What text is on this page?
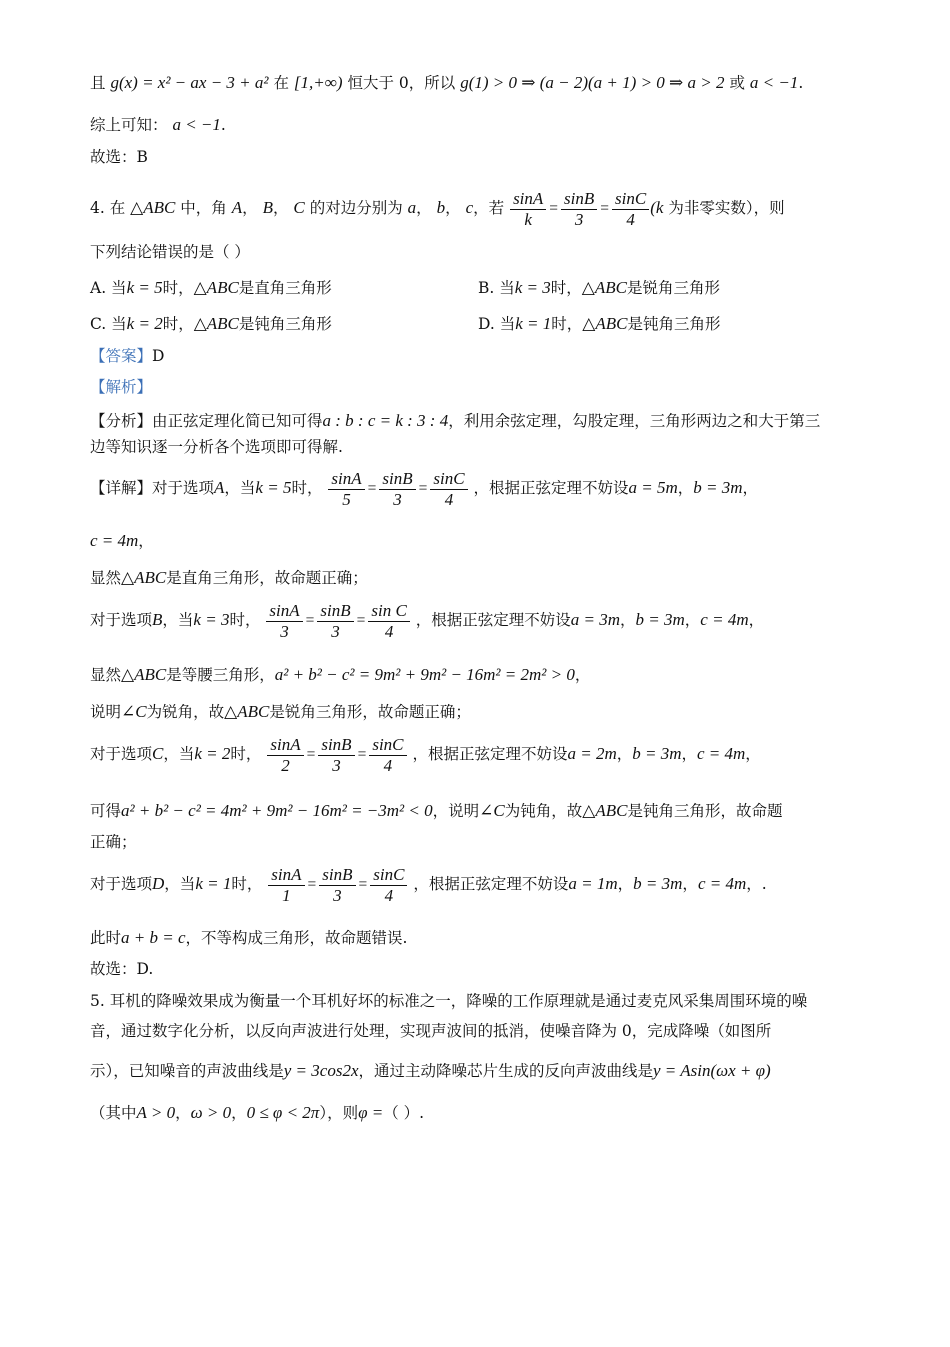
且 g(x) = x² − ax − 3 + a² 在 [1,+∞) 恒大于 0，所以 g(1) > 0 ⇒ (a − 2)(a + 1) > 0 ⇒ a > 2 或 a < −1.
综上可知： a < −1.
故选：B
4. 在 △ABC 中，角 A， B， C 的对边分别为 a， b， c，若 $\frac{\sin A}{k} = \frac{\sin B}{3} = \frac{\sin C}{4} (k$ 为非零实数），则
下列结论错误的是（ ）
A. 当k = 5时，△ABC是直角三角形	B. 当k = 3时，△ABC是锐角三角形
C. 当k = 2时，△ABC是钝角三角形	D. 当k = 1时，△ABC是钝角三角形
【答案】D
【解析】
【分析】由正弦定理化简已知可得a : b : c = k : 3 : 4，利用余弦定理，勾股定理，三角形两边之和大于第三
边等知识逐一分析各个选项即可得解.
【详解】对于选项A，当k = 5时， $\frac{\sin A}{5} = \frac{\sin B}{3} = \frac{\sin C}{4}$ ，根据正弦定理不妨设a = 5m，b = 3m，
c = 4m，
显然△ABC是直角三角形，故命题正确；
对于选项B，当k = 3时， $\frac{\sin A}{3} = \frac{\sin B}{3} = \frac{\text{sin C}}{4}$ ，根据正弦定理不妨设a = 3m，b = 3m，c = 4m，
显然△ABC是等腰三角形，a² + b² − c² = 9m² + 9m² − 16m² = 2m² > 0，
说明∠C为锐角，故△ABC是锐角三角形，故命题正确；
对于选项C，当k = 2时， $\frac{\sin A}{2} = \frac{\sin B}{3} = \frac{\sin C}{4}$ ，根据正弦定理不妨设a = 2m，b = 3m，c = 4m，
可得a² + b² − c² = 4m² + 9m² − 16m² = −3m² < 0，说明∠C为钝角，故△ABC是钝角三角形，故命题
正确；
对于选项D，当k = 1时， $\frac{\sin A}{1} = \frac{\sin B}{3} = \frac{\sin C}{4}$ ，根据正弦定理不妨设a = 1m，b = 3m，c = 4m，.
此时a + b = c，不等构成三角形，故命题错误.
故选：D.
5. 耳机的降噪效果成为衡量一个耳机好坏的标准之一，降噪的工作原理就是通过麦克风采集周围环境的噪
音，通过数字化分析，以反向声波进行处理，实现声波间的抵消，使噪音降为 0，完成降噪（如图所
示），已知噪音的声波曲线是y = 3cos2x，通过主动降噪芯片生成的反向声波曲线是y = Asin(ωx + φ)
（其中A > 0，ω > 0，0 ≤ φ < 2π），则φ =（ ）.
